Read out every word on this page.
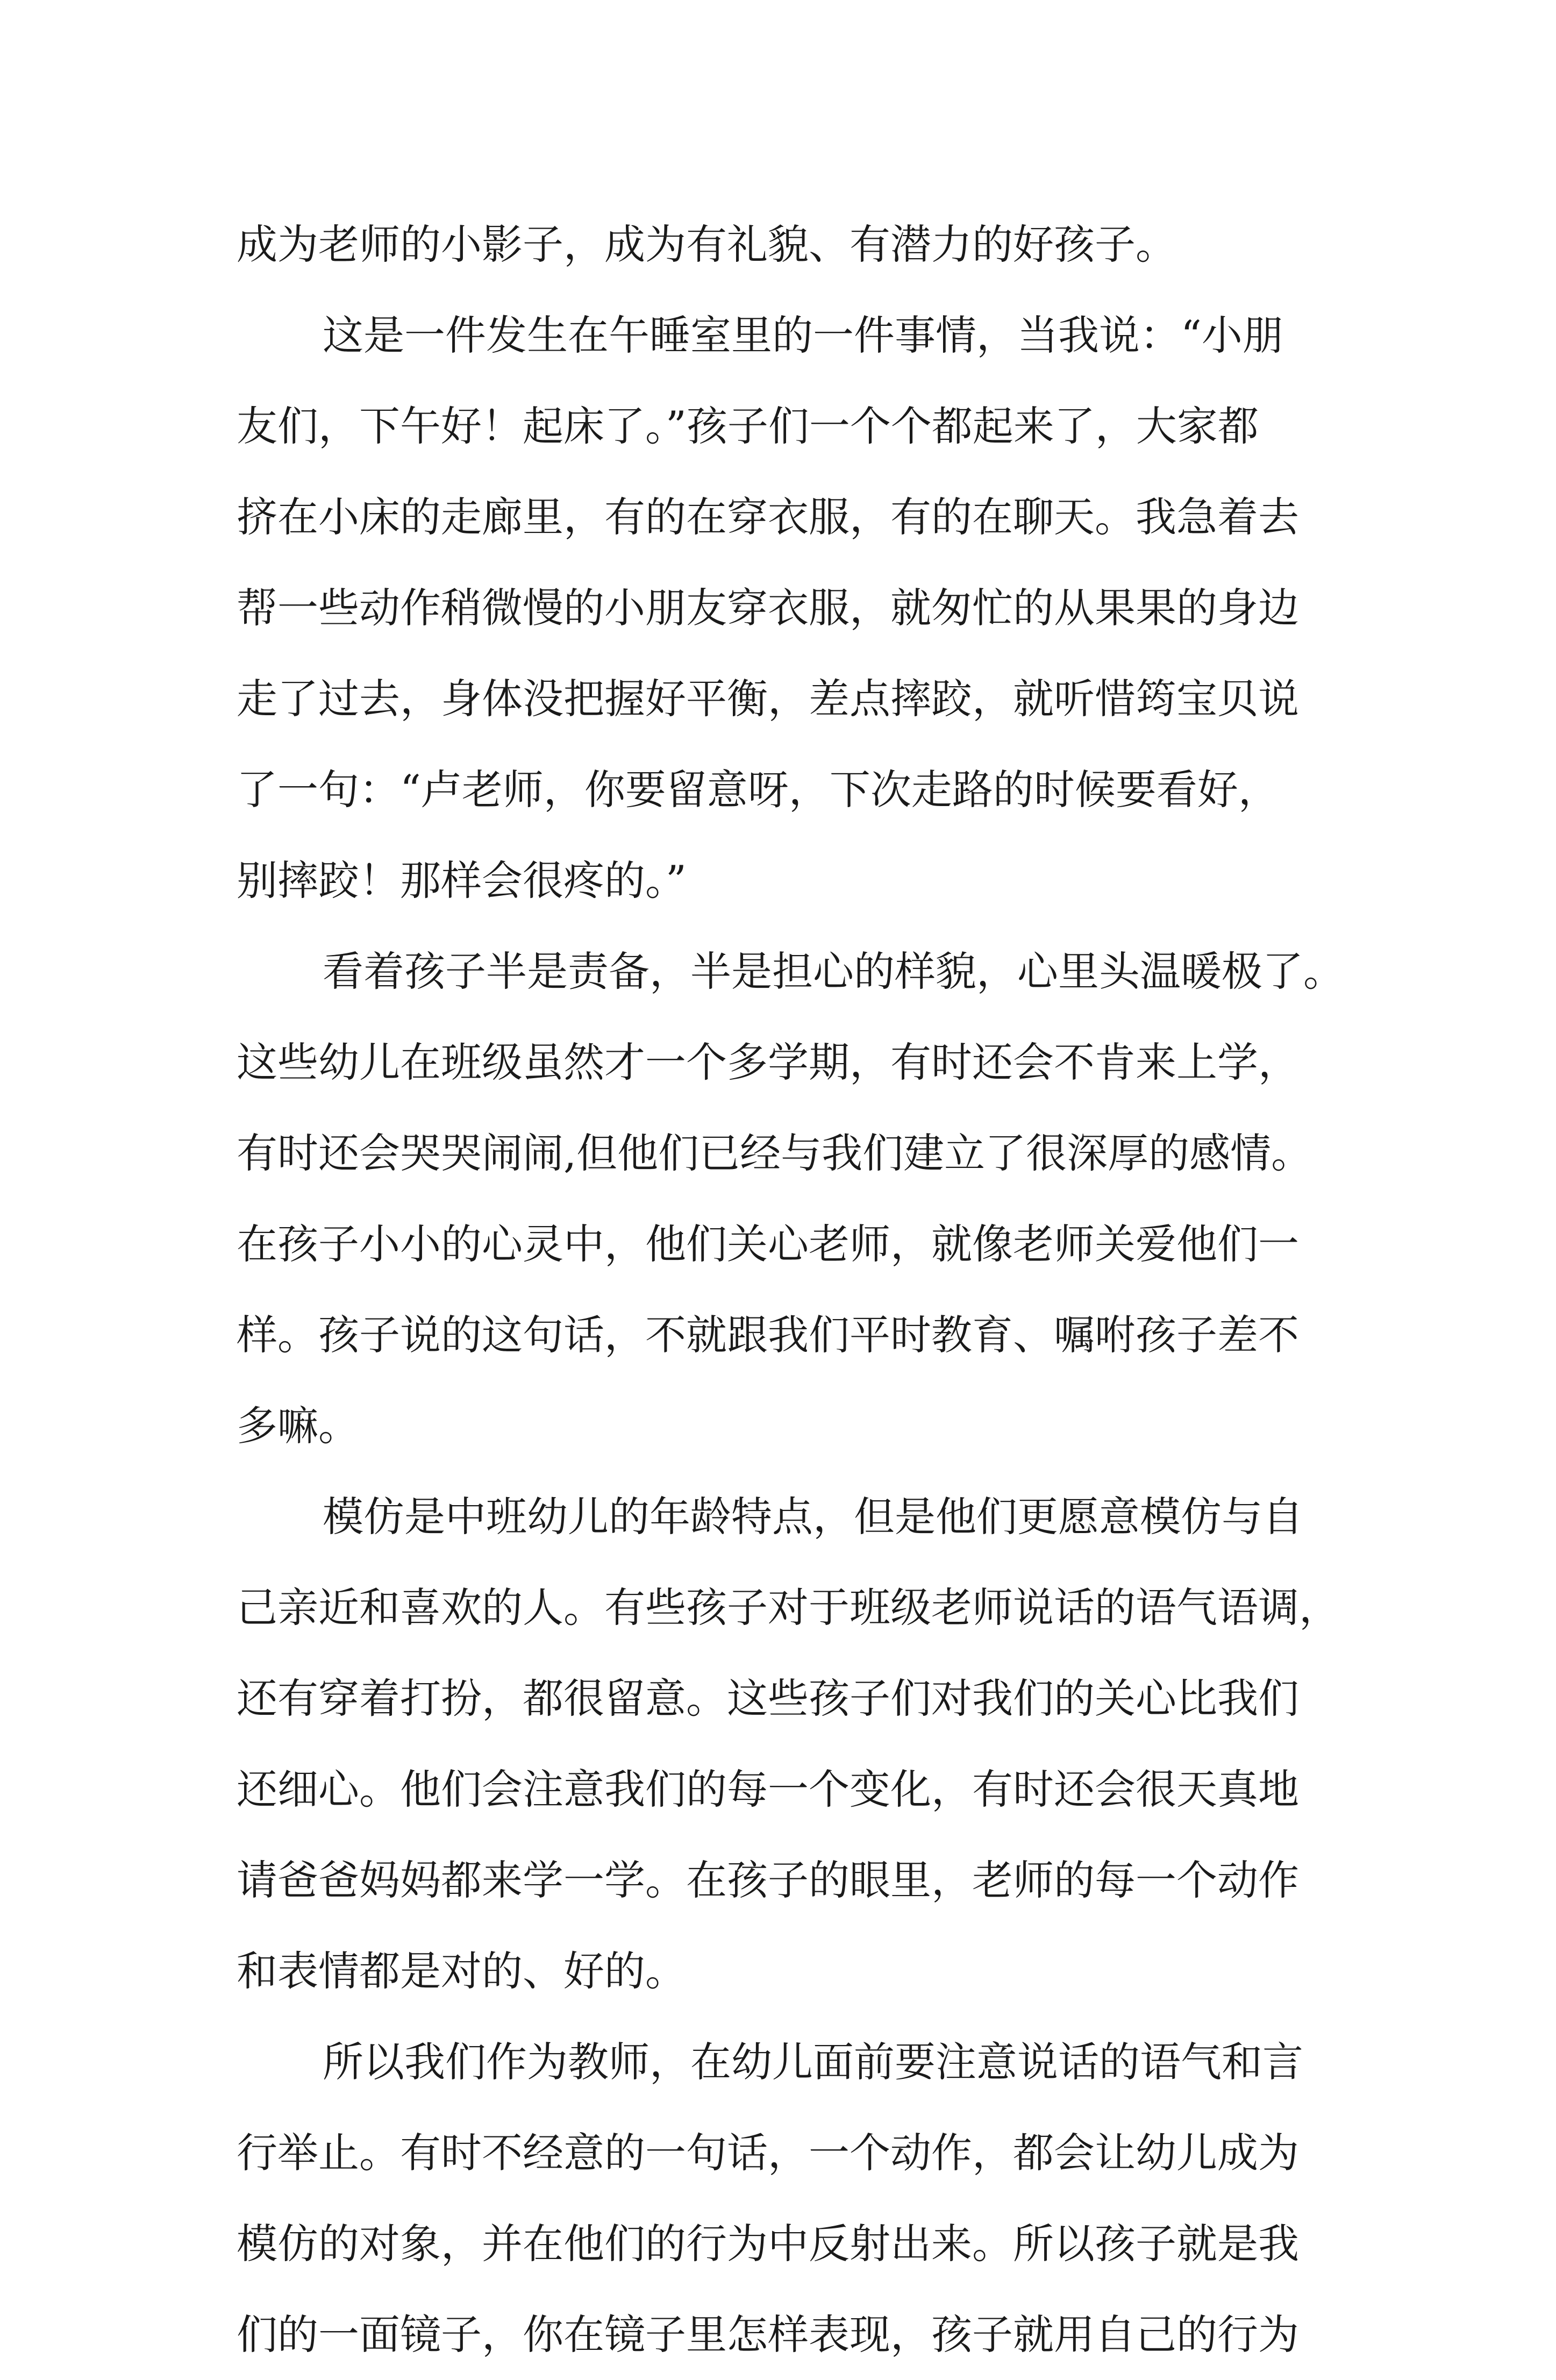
成为老师的小影子，成为有礼貌、有潜力的好孩子。
这是一件发生在午睡室里的一件事情，当我说：“小朋
友们，下午好！起床了。”孩子们一个个都起来了，大家都
挤在小床的走廊里，有的在穿衣服，有的在聊天。我急着去
帮一些动作稍微慢的小朋友穿衣服，就匆忙的从果果的身边
走了过去，身体没把握好平衡，差点摔跤，就听惜筠宝贝说
了一句：“卢老师，你要留意呀，下次走路的时候要看好，
别摔跤！那样会很疼的。”
看着孩子半是责备，半是担心的样貌，心里头温暖极了。
这些幼儿在班级虽然才一个多学期，有时还会不肯来上学，
有时还会哭哭闹闹,但他们已经与我们建立了很深厚的感情。
在孩子小小的心灵中，他们关心老师，就像老师关爱他们一
样。孩子说的这句话，不就跟我们平时教育、嘱咐孩子差不
多嘛。
模仿是中班幼儿的年龄特点，但是他们更愿意模仿与自
己亲近和喜欢的人。有些孩子对于班级老师说话的语气语调，
还有穿着打扮，都很留意。这些孩子们对我们的关心比我们
还细心。他们会注意我们的每一个变化，有时还会很天真地
请爸爸妈妈都来学一学。在孩子的眼里，老师的每一个动作
和表情都是对的、好的。
所以我们作为教师，在幼儿面前要注意说话的语气和言
行举止。有时不经意的一句话，一个动作，都会让幼儿成为
模仿的对象，并在他们的行为中反射出来。所以孩子就是我
们的一面镜子，你在镜子里怎样表现，孩子就用自己的行为
